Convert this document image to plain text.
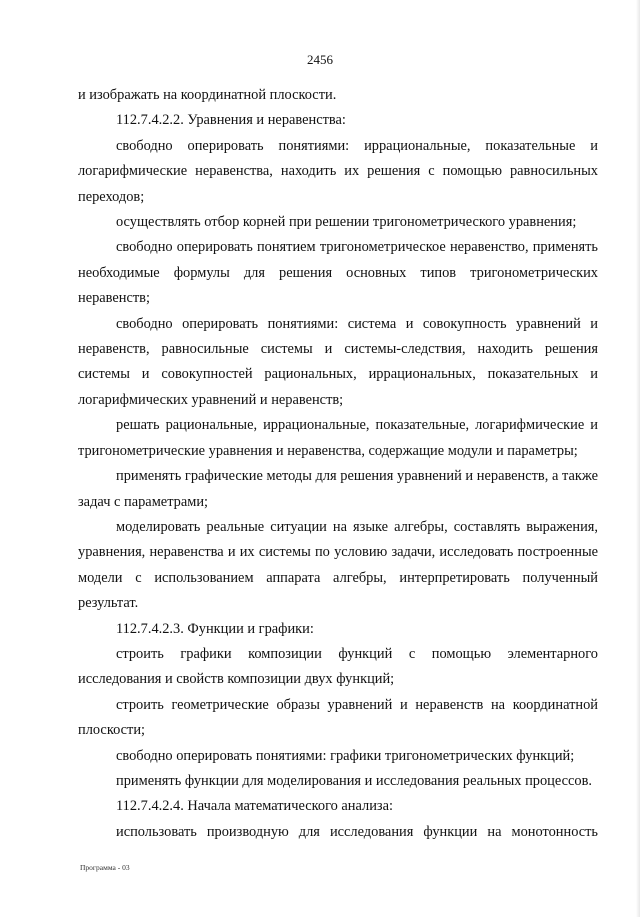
2456

и изображать на координатной плоскости.

112.7.4.2.2. Уравнения и неравенства:

свободно оперировать понятиями: иррациональные, показательные и логарифмические неравенства, находить их решения с помощью равносильных переходов;

осуществлять отбор корней при решении тригонометрического уравнения;

свободно оперировать понятием тригонометрическое неравенство, применять необходимые формулы для решения основных типов тригонометрических неравенств;

свободно оперировать понятиями: система и совокупность уравнений и неравенств, равносильные системы и системы-следствия, находить решения системы и совокупностей рациональных, иррациональных, показательных и логарифмических уравнений и неравенств;

решать рациональные, иррациональные, показательные, логарифмические и тригонометрические уравнения и неравенства, содержащие модули и параметры;

применять графические методы для решения уравнений и неравенств, а также задач с параметрами;

моделировать реальные ситуации на языке алгебры, составлять выражения, уравнения, неравенства и их системы по условию задачи, исследовать построенные модели с использованием аппарата алгебры, интерпретировать полученный результат.

112.7.4.2.3. Функции и графики:

строить графики композиции функций с помощью элементарного исследования и свойств композиции двух функций;

строить геометрические образы уравнений и неравенств на координатной плоскости;

свободно оперировать понятиями: графики тригонометрических функций;

применять функции для моделирования и исследования реальных процессов.

112.7.4.2.4. Начала математического анализа:

использовать производную для исследования функции на монотонность

Программа - 03
